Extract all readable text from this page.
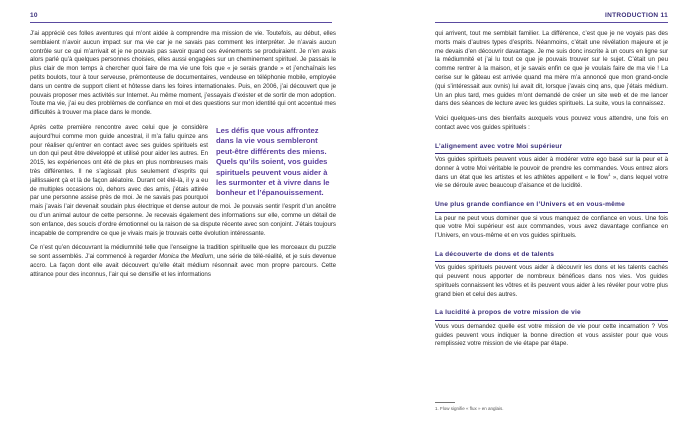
10

J’ai apprécié ces folles aventures qui m’ont aidée à comprendre ma mission de vie. Toutefois, au début, elles semblaient n’avoir aucun impact sur ma vie car je ne savais pas comment les interpréter. Je n’avais aucun contrôle sur ce qui m’arrivait et je ne pouvais pas savoir quand ces événements se produiraient. Je n’en avais alors parlé qu’à quelques personnes choisies, elles aussi engagées sur un cheminement spirituel. Je passais le plus clair de mon temps à chercher quoi faire de ma vie une fois que « je serais grande » et j’enchaînais les petits boulots, tour à tour serveuse, prémonteuse de documentaires, vendeuse en téléphonie mobile, employée dans un centre de support client et hôtesse dans les foires internationales. Puis, en 2006, j’ai découvert que je pouvais proposer mes activités sur Internet. Au même moment, j’essayais d’exister et de sortir de mon adoption. Toute ma vie, j’ai eu des problèmes de confiance en moi et des questions sur mon identité qui ont accentué mes difficultés à trouver ma place dans le monde.

Les défis que vous affrontez dans la vie vous sembleront peut-être différents des miens. Quels qu’ils soient, vos guides spirituels peuvent vous aider à les surmonter et à vivre dans le bonheur et l’épanouissement.

Après cette première rencontre avec celui que je considère aujourd’hui comme mon guide ancestral, il m’a fallu quinze ans pour réaliser qu’entrer en contact avec ses guides spirituels est un don qui peut être développé et utilisé pour aider les autres. En 2015, les expériences ont été de plus en plus nombreuses mais très différentes. Il ne s’agissait plus seulement d’esprits qui jaillissaient çà et là de façon aléatoire. Durant cet été-là, il y a eu de multiples occasions où, dehors avec des amis, j’étais attirée par une personne assise près de moi. Je ne savais pas pourquoi mais j’avais l’air devenait soudain plus électrique et dense autour de moi. Je pouvais sentir l’esprit d’un ancêtre ou d’un animal autour de cette personne. Je recevais également des informations sur elle, comme un détail de son enfance, des soucis d’ordre émotionnel ou la raison de sa dispute récente avec son conjoint. J’étais toujours incapable de comprendre ce que je vivais mais je trouvais cette évolution intéressante.

Ce n’est qu’en découvrant la médiumnité telle que l’enseigne la tradition spirituelle que les morceaux du puzzle se sont assemblés. J’ai commencé à regarder Monica the Medium, une série de télé-réalité, et je suis devenue accro. La façon dont elle avait découvert qu’elle était médium résonnait avec mon propre parcours. Cette attirance pour des inconnus, l’air qui se densifie et les informations

INTRODUCTION 11

qui arrivent, tout me semblait familier. La différence, c’est que je ne voyais pas des morts mais d’autres types d’esprits. Néanmoins, c’était une révélation majeure et je me devais d’en découvrir davantage. Je me suis donc inscrite à un cours en ligne sur la médiumnité et j’ai lu tout ce que je pouvais trouver sur le sujet. C’était un peu comme rentrer à la maison, et je savais enfin ce que je voulais faire de ma vie ! La cerise sur le gâteau est arrivée quand ma mère m’a annoncé que mon grand-oncle (qui s’intéressait aux ovnis) lui avait dit, lorsque j’avais cinq ans, que j’étais médium. Un an plus tard, mes guides m’ont demandé de créer un site web et de me lancer dans des séances de lecture avec les guides spirituels. La suite, vous la connaissez.

Voici quelques-uns des bienfaits auxquels vous pouvez vous attendre, une fois en contact avec vos guides spirituels :

L’alignement avec votre Moi supérieur

Vos guides spirituels peuvent vous aider à modérer votre ego basé sur la peur et à donner à votre Moi véritable le pouvoir de prendre les commandes. Vous entrez alors dans un état que les artistes et les athlètes appellent « le flow$^1$ », dans lequel votre vie se déroule avec beaucoup d’aisance et de lucidité.

Une plus grande confiance en l’Univers et en vous-même

La peur ne peut vous dominer que si vous manquez de confiance en vous. Une fois que votre Moi supérieur est aux commandes, vous avez davantage confiance en l’Univers, en vous-même et en vos guides spirituels.

La découverte de dons et de talents

Vos guides spirituels peuvent vous aider à découvrir les dons et les talents cachés qui peuvent nous apporter de nombreux bénéfices dans nos vies. Vos guides spirituels connaissent les vôtres et ils peuvent vous aider à les révéler pour votre plus grand bien et celui des autres.

La lucidité à propos de votre mission de vie

Vous vous demandez quelle est votre mission de vie pour cette incarnation ? Vos guides peuvent vous indiquer la bonne direction et vous assister pour que vous remplissiez votre mission de vie étape par étape.

1. Flow signifie « flux » en anglais.
